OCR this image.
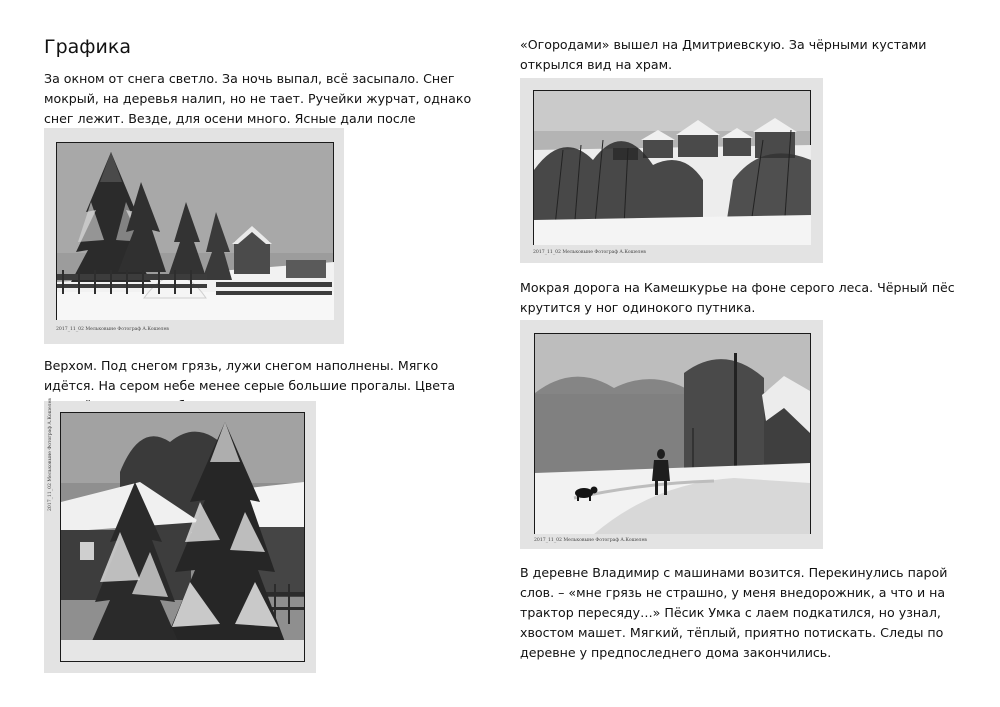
Графика

За окном от снега светло. За ночь выпал, всё засыпало. Снег мокрый, на деревья налип, но не тает. Ручейки журчат, однако снег лежит. Везде, для осени много. Ясные дали после

2017_11_02 Мельковыне Фотограф А.Кошелев

Верхом. Под снегом грязь, лужи снегом наполнены. Мягко идётся. На сером небе менее серые большие прогалы. Цвета

2017_11_02 Мельковыне Фотограф А.Кошелев

«Огородами» вышел на Дмитриевскую. За чёрными кустами открылся вид на храм.

2017_11_02 Мельковыне Фотограф А.Кошелев

Мокрая дорога на Камешкурье на фоне серого леса. Чёрный пёс крутится у ног одинокого путника.

2017_11_02 Мельковыне Фотограф А.Кошелев

В деревне Владимир с машинами возится. Перекинулись парой слов. – «мне грязь не страшно, у меня внедорожник, а что и на трактор пересяду…» Пёсик Умка с лаем подкатился, но узнал, хвостом машет. Мягкий, тёплый, приятно потискать. Следы по деревне у предпоследнего дома закончились.
